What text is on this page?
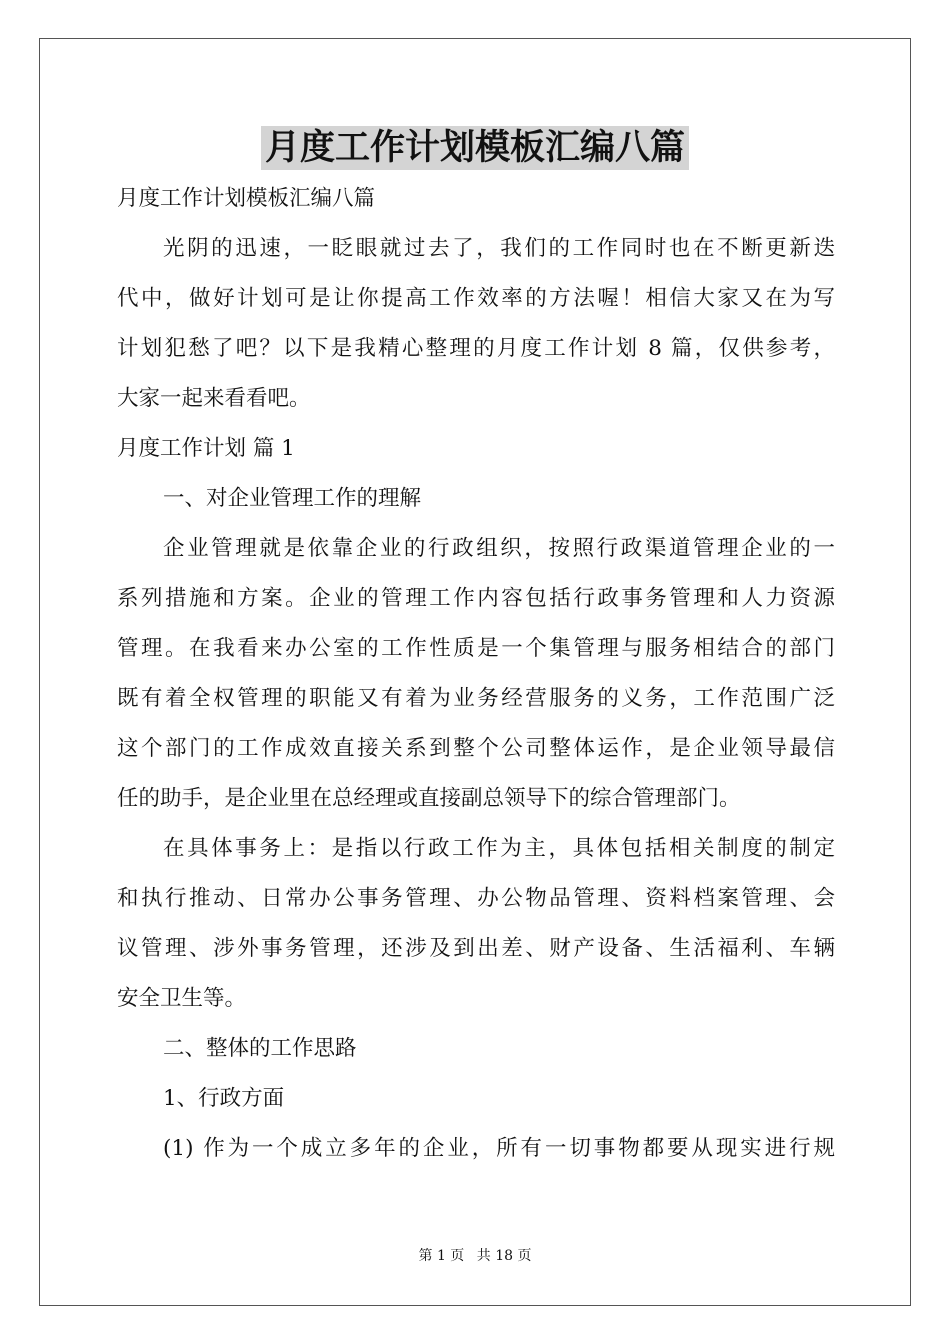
月度工作计划模板汇编八篇
月度工作计划模板汇编八篇
光阴的迅速，一眨眼就过去了，我们的工作同时也在不断更新迭
代中，做好计划可是让你提高工作效率的方法喔！相信大家又在为写
计划犯愁了吧？以下是我精心整理的月度工作计划 8 篇，仅供参考，
大家一起来看看吧。
月度工作计划 篇 1
一、对企业管理工作的理解
企业管理就是依靠企业的行政组织，按照行政渠道管理企业的一
系列措施和方案。企业的管理工作内容包括行政事务管理和人力资源
管理。在我看来办公室的工作性质是一个集管理与服务相结合的部门
既有着全权管理的职能又有着为业务经营服务的义务，工作范围广泛
这个部门的工作成效直接关系到整个公司整体运作，是企业领导最信
任的助手，是企业里在总经理或直接副总领导下的综合管理部门。
在具体事务上：是指以行政工作为主，具体包括相关制度的制定
和执行推动、日常办公事务管理、办公物品管理、资料档案管理、会
议管理、涉外事务管理，还涉及到出差、财产设备、生活福利、车辆
安全卫生等。
二、整体的工作思路
1、行政方面
(1) 作为一个成立多年的企业，所有一切事物都要从现实进行规
第 1 页 共 18 页
